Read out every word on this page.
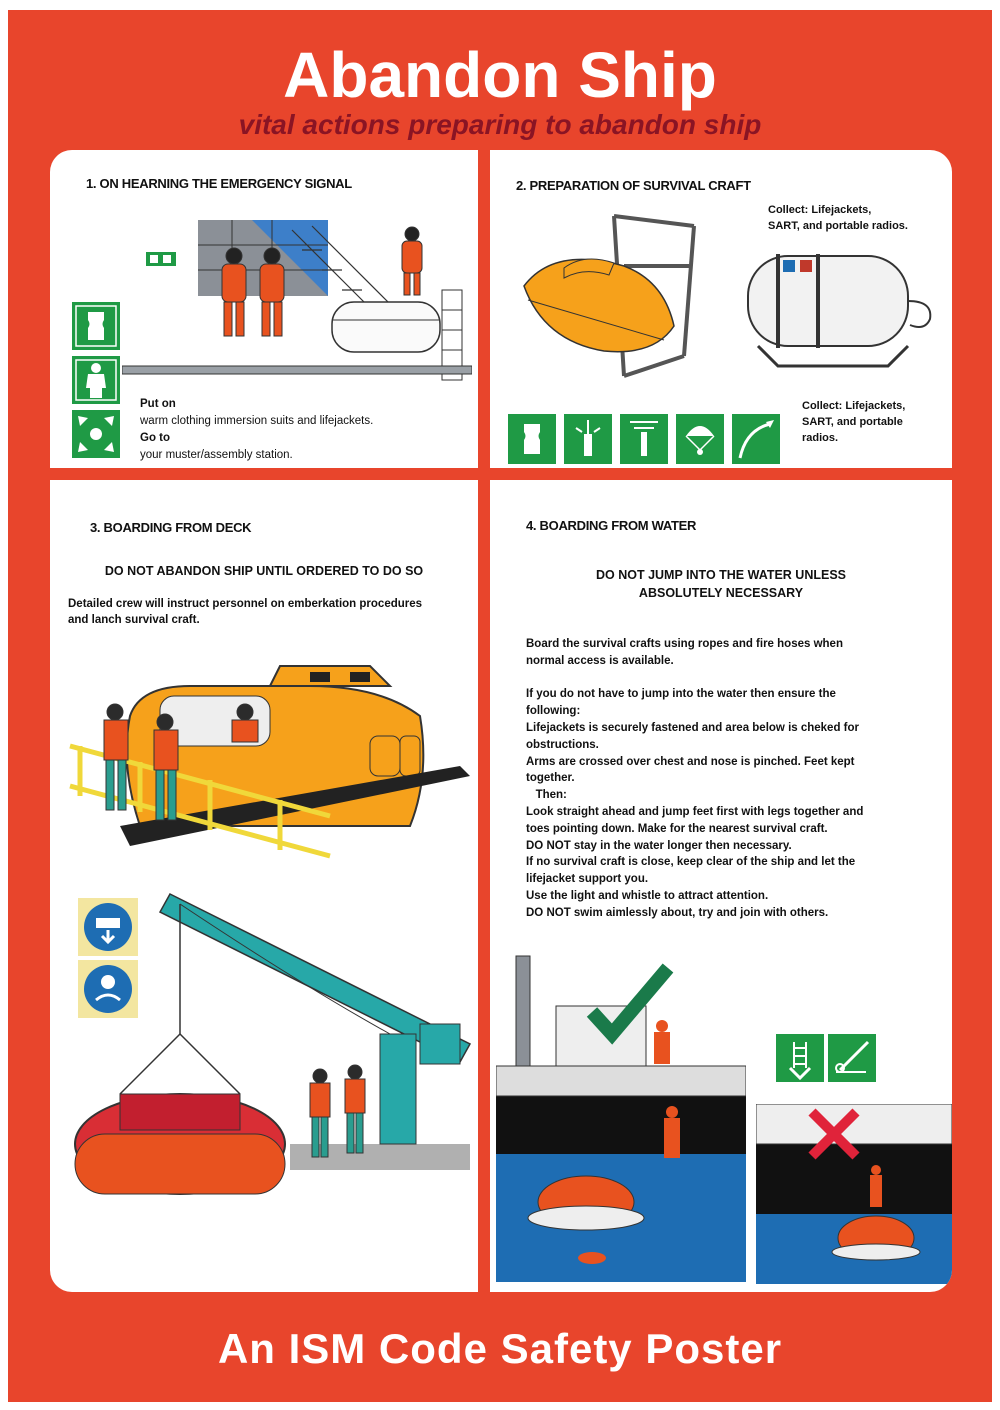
Abandon Ship
vital actions preparing to abandon ship
1. ON HEARNING THE EMERGENCY SIGNAL
Put on
warm clothing immersion suits and lifejackets.
Go to
your muster/assembly station.
2. PREPARATION OF SURVIVAL CRAFT
Collect: Lifejackets,
SART, and portable radios.
Collect: Lifejackets,
SART, and portable
radios.
3. BOARDING FROM DECK
DO NOT ABANDON SHIP UNTIL ORDERED TO DO SO
Detailed crew will instruct personnel on emberkation procedures
and lanch survival craft.
4. BOARDING FROM WATER
DO NOT JUMP INTO THE WATER UNLESS
ABSOLUTELY NECESSARY
Board the survival crafts using ropes and fire hoses when
normal access is available.

If you do not have to jump into the water then ensure the
following:
Lifejackets is securely fastened and area below is cheked for
obstructions.
Arms are crossed over chest and nose is pinched. Feet kept
together.
Then:
Look straight ahead and jump feet first with legs together and
toes pointing down. Make for the nearest survival craft.
DO NOT stay in the water longer then necessary.
If no survival craft is close, keep clear of the ship and let the
lifejacket support you.
Use the light and whistle to attract attention.
DO NOT swim aimlessly about, try and join with others.
An ISM Code Safety Poster
